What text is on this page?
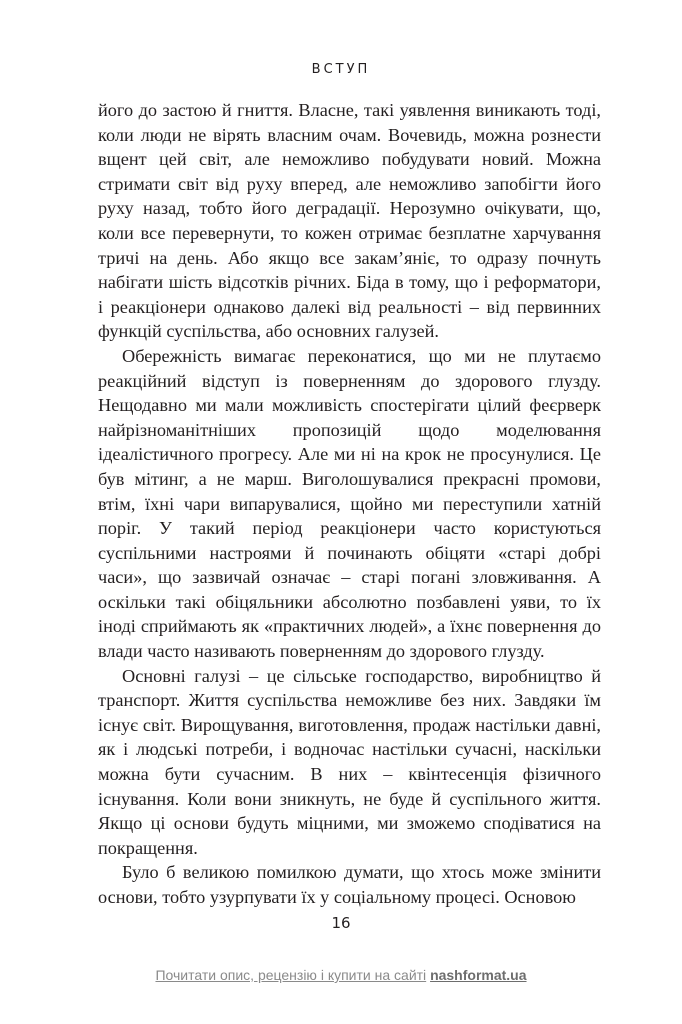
ВСТУП

його до застою й гниття. Власне, такі уявлення виникають тоді, коли люди не вірять власним очам. Вочевидь, можна рознести вщент цей світ, але неможливо побудувати новий. Можна стримати світ від руху вперед, але неможливо запобігти його руху назад, тобто його деградації. Нерозумно очікувати, що, коли все перевернути, то кожен отримає безплатне харчування тричі на день. Або якщо все закам’яніє, то одразу почнуть набігати шість відсотків річних. Біда в тому, що і реформатори, і реакціонери однаково далекі від реальності – від первинних функцій суспільства, або основних галузей.

Обережність вимагає переконатися, що ми не плутаємо реакційний відступ із поверненням до здорового глузду. Нещодавно ми мали можливість спостерігати цілий феєрверк найрізноманітніших пропозицій щодо моделювання ідеалістичного прогресу. Але ми ні на крок не просунулися. Це був мітинг, а не марш. Виголошувалися прекрасні промови, втім, їхні чари випарувалися, щойно ми переступили хатній поріг. У такий період реакціонери часто користуються суспільними настроями й починають обіцяти «старі добрі часи», що зазвичай означає – старі погані зловживання. А оскільки такі обіцяльники абсолютно позбавлені уяви, то їх іноді сприймають як «практичних людей», а їхнє повернення до влади часто називають поверненням до здорового глузду.

Основні галузі – це сільське господарство, виробництво й транспорт. Життя суспільства неможливе без них. Завдяки їм існує світ. Вирощування, виготовлення, продаж настільки давні, як і людські потреби, і водночас настільки сучасні, наскільки можна бути сучасним. В них – квінтесенція фізичного існування. Коли вони зникнуть, не буде й суспільного життя. Якщо ці основи будуть міцними, ми зможемо сподіватися на покращення.

Було б великою помилкою думати, що хтось може змінити основи, тобто узурпувати їх у соціальному процесі. Основою

16
Почитати опис, рецензію і купити на сайті nashformat.ua
